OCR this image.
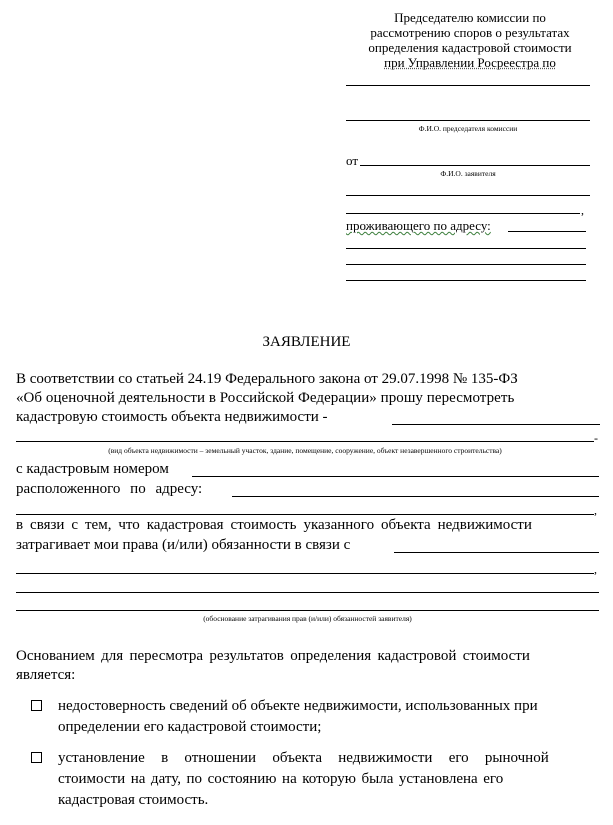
Председателю комиссии по
рассмотрению споров о результатах
определения кадастровой стоимости
при Управлении Росреестра по
Ф.И.О. председателя комиссии
от
Ф.И.О. заявителя
,
проживающего по адресу:
ЗАЯВЛЕНИЕ
В соответствии со статьей 24.19 Федерального закона от 29.07.1998 № 135-ФЗ
«Об оценочной деятельности в Российской Федерации» прошу пересмотреть
кадастровую стоимость объекта недвижимости -
-
(вид объекта недвижимости – земельный участок, здание, помещение, сооружение, объект незавершенного строительства)
с кадастровым номером
расположенного по адресу:
,
в связи с тем, что кадастровая стоимость указанного объекта недвижимости
затрагивает мои права (и/или) обязанности в связи с
,
(обоснование затрагивания прав (и/или) обязанностей заявителя)
Основанием для пересмотра результатов определения кадастровой стоимости
является:
недостоверность сведений об объекте недвижимости, использованных при
определении его кадастровой стоимости;
установление в отношении объекта недвижимости его рыночной
стоимости на дату, по состоянию на которую была установлена его
кадастровая стоимость.
